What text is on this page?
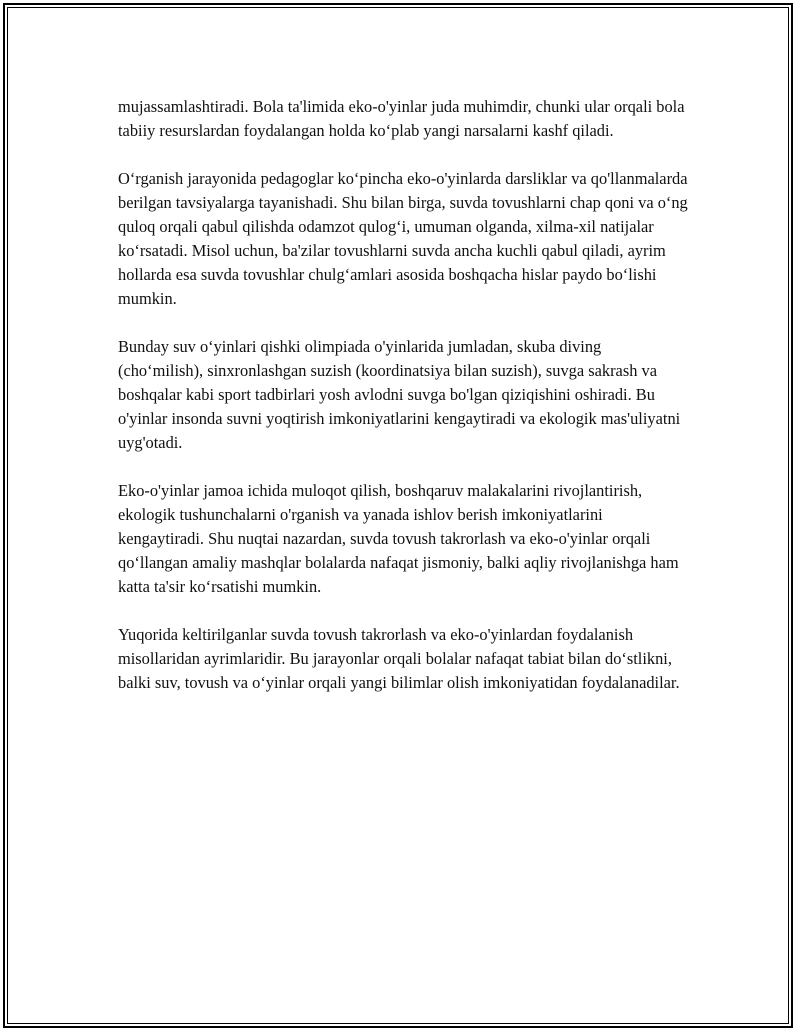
mujassamlashtiradi. Bola ta'limida eko-o'yinlar juda muhimdir, chunki ular orqali bola tabiiy resurslardan foydalangan holda ko‘plab yangi narsalarni kashf qiladi.

O‘rganish jarayonida pedagoglar ko‘pincha eko-o'yinlarda darsliklar va qo'llanmalarda berilgan tavsiyalarga tayanishadi. Shu bilan birga, suvda tovushlarni chap qoni va o‘ng quloq orqali qabul qilishda odamzot qulog‘i, umuman olganda, xilma-xil natijalar ko‘rsatadi. Misol uchun, ba'zilar tovushlarni suvda ancha kuchli qabul qiladi, ayrim hollarda esa suvda tovushlar chulg‘amlari asosida boshqacha hislar paydo bo‘lishi mumkin.

Bunday suv o‘yinlari qishki olimpiada o'yinlarida jumladan, skuba diving (cho‘milish), sinxronlashgan suzish (koordinatsiya bilan suzish), suvga sakrash va boshqalar kabi sport tadbirlari yosh avlodni suvga bo'lgan qiziqishini oshiradi. Bu o'yinlar insonda suvni yoqtirish imkoniyatlarini kengaytiradi va ekologik mas'uliyatni uyg'otadi.

Eko-o'yinlar jamoa ichida muloqot qilish, boshqaruv malakalarini rivojlantirish, ekologik tushunchalarni o'rganish va yanada ishlov berish imkoniyatlarini kengaytiradi. Shu nuqtai nazardan, suvda tovush takrorlash va eko-o'yinlar orqali qo‘llangan amaliy mashqlar bolalarda nafaqat jismoniy, balki aqliy rivojlanishga ham katta ta'sir ko‘rsatishi mumkin.

Yuqorida keltirilganlar suvda tovush takrorlash va eko-o'yinlardan foydalanish misollaridan ayrimlaridir. Bu jarayonlar orqali bolalar nafaqat tabiat bilan do‘stlikni, balki suv, tovush va o‘yinlar orqali yangi bilimlar olish imkoniyatidan foydalanadilar.
